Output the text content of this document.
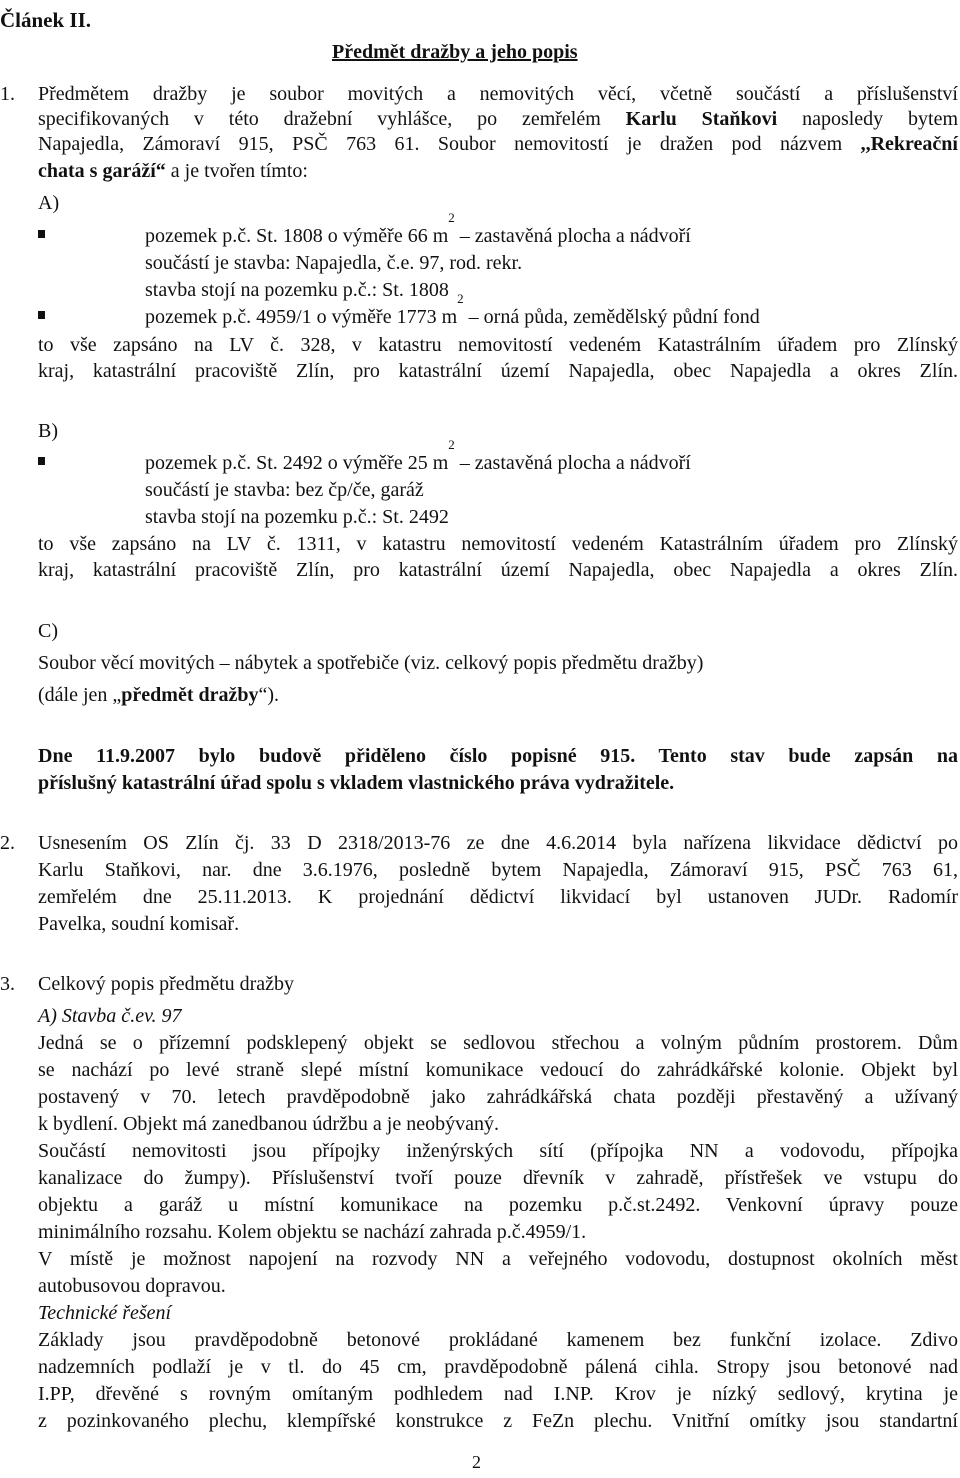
Článek II.
Předmět dražby a jeho popis
1.	Předmětem dražby je soubor movitých a nemovitých věcí, včetně součástí a příslušenství
specifikovaných v této dražební vyhlášce, po zemřelém Karlu Staňkovi naposledy bytem
Napajedla, Zámoraví 915, PSČ 763 61. Soubor nemovitostí je dražen pod názvem ,,Rekreační
chata s garáží“ a je tvořen tímto:
A)
pozemek p.č. St. 1808 o výměře 66 $m^2$ – zastavěná plocha a nádvoří
součástí je stavba: Napajedla, č.e. 97, rod. rekr.
stavba stojí na pozemku p.č.: St. 1808
pozemek p.č. 4959/1 o výměře 1773 $m^2$ – orná půda, zemědělský půdní fond
to vše zapsáno na LV č. 328, v katastru nemovitostí vedeném Katastrálním úřadem pro Zlínský
kraj, katastrální pracoviště Zlín, pro katastrální území Napajedla, obec Napajedla a okres Zlín.
B)
pozemek p.č. St. 2492 o výměře 25 $m^2$ – zastavěná plocha a nádvoří
součástí je stavba: bez čp/če, garáž
stavba stojí na pozemku p.č.: St. 2492
to vše zapsáno na LV č. 1311, v katastru nemovitostí vedeném Katastrálním úřadem pro Zlínský
kraj, katastrální pracoviště Zlín, pro katastrální území Napajedla, obec Napajedla a okres Zlín.
C)
Soubor věcí movitých – nábytek a spotřebiče (viz. celkový popis předmětu dražby)
(dále jen „předmět dražby“).
Dne 11.9.2007 bylo budově přiděleno číslo popisné 915. Tento stav bude zapsán na
příslušný katastrální úřad spolu s vkladem vlastnického práva vydražitele.
2.	Usnesením OS Zlín čj. 33 D 2318/2013-76 ze dne 4.6.2014 byla nařízena likvidace dědictví po
Karlu Staňkovi, nar. dne 3.6.1976, posledně bytem Napajedla, Zámoraví 915, PSČ 763 61,
zemřelém dne 25.11.2013. K projednání dědictví likvidací byl ustanoven JUDr. Radomír
Pavelka, soudní komisař.
3.	Celkový popis předmětu dražby
A) Stavba č.ev. 97
Jedná se o přízemní podsklepený objekt se sedlovou střechou a volným půdním prostorem. Dům
se nachází po levé straně slepé místní komunikace vedoucí do zahrádkářské kolonie. Objekt byl
postavený v 70. letech pravděpodobně jako zahrádkářská chata později přestavěný a užívaný
k bydlení. Objekt má zanedbanou údržbu a je neobývaný.
Součástí nemovitosti jsou přípojky inženýrských sítí (přípojka NN a vodovodu, přípojka
kanalizace do žumpy). Příslušenství tvoří pouze dřevník v zahradě, přístřešek ve vstupu do
objektu a garáž u místní komunikace na pozemku p.č.st.2492. Venkovní úpravy pouze
minimálního rozsahu. Kolem objektu se nachází zahrada p.č.4959/1.
V místě je možnost napojení na rozvody NN a veřejného vodovodu, dostupnost okolních měst
autobusovou dopravou.
Technické řešení
Základy jsou pravděpodobně betonové prokládané kamenem bez funkční izolace. Zdivo
nadzemních podlaží je v tl. do 45 cm, pravděpodobně pálená cihla. Stropy jsou betonové nad
I.PP, dřevěné s rovným omítaným podhledem nad I.NP. Krov je nízký sedlový, krytina je
z pozinkovaného plechu, klempířské konstrukce z FeZn plechu. Vnitřní omítky jsou standartní
2
